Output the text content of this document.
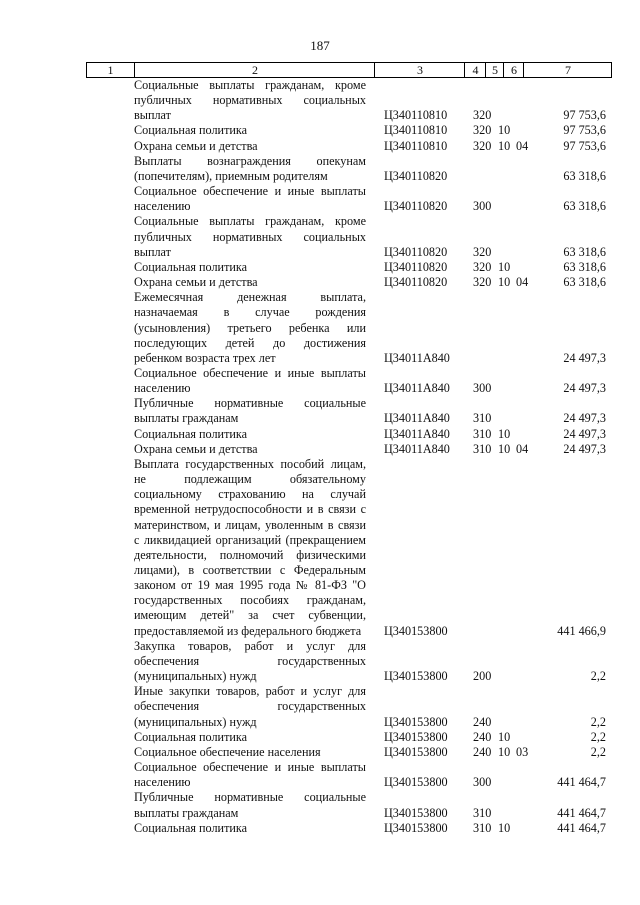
187
1	2	3	4	5	6	7
Социальные выплаты гражданам, кроме публичных нормативных социальных выплат	Ц340110810 320	97 753,6
Социальная политика	Ц340110810 320 10	97 753,6
Охрана семьи и детства	Ц340110810 320 10 04	97 753,6
Выплаты вознаграждения опекунам (попечителям), приемным родителям	Ц340110820	63 318,6
Социальное обеспечение и иные выплаты населению	Ц340110820 300	63 318,6
Социальные выплаты гражданам, кроме публичных нормативных социальных выплат	Ц340110820 320	63 318,6
Социальная политика	Ц340110820 320 10	63 318,6
Охрана семьи и детства	Ц340110820 320 10 04	63 318,6
Ежемесячная денежная выплата, назначаемая в случае рождения (усыновления) третьего ребенка или последующих детей до достижения ребенком возраста трех лет	Ц34011А840	24 497,3
Социальное обеспечение и иные выплаты населению	Ц34011А840 300	24 497,3
Публичные нормативные социальные выплаты гражданам	Ц34011А840 310	24 497,3
Социальная политика	Ц34011А840 310 10	24 497,3
Охрана семьи и детства	Ц34011А840 310 10 04	24 497,3
Выплата государственных пособий лицам, не подлежащим обязательному социальному страхованию на случай временной нетрудоспособности и в связи с материнством, и лицам, уволенным в связи с ликвидацией организаций (прекращением деятельности, полномочий физическими лицами), в соответствии с Федеральным законом от 19 мая 1995 года № 81-ФЗ "О государственных пособиях гражданам, имеющим детей" за счет субвенции, предоставляемой из федерального бюджета	Ц340153800	441 466,9
Закупка товаров, работ и услуг для обеспечения государственных (муниципальных) нужд	Ц340153800 200	2,2
Иные закупки товаров, работ и услуг для обеспечения государственных (муниципальных) нужд	Ц340153800 240	2,2
Социальная политика	Ц340153800 240 10	2,2
Социальное обеспечение населения	Ц340153800 240 10 03	2,2
Социальное обеспечение и иные выплаты населению	Ц340153800 300	441 464,7
Публичные нормативные социальные выплаты гражданам	Ц340153800 310	441 464,7
Социальная политика	Ц340153800 310 10	441 464,7
